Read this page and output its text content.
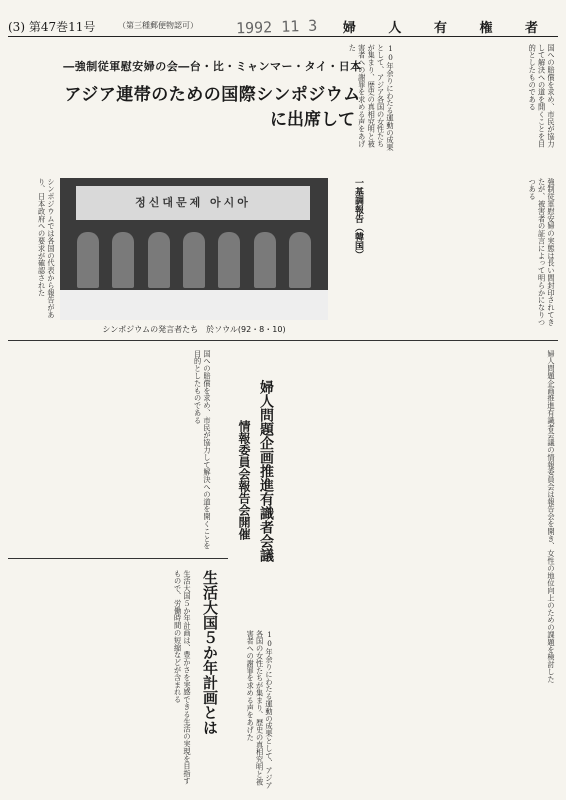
(3) 第47巻11号	（第三種郵便物認可）	1992 11 3 婦 人 有 権 者
国への賠償を求め、市民が協力して解決への道を開くことを目的としたものである
10年余りにわたる運動の成果として、アジア各国の女性たちが集まり、歴史の真相究明と被害者への謝罪を求める声をあげた
―強制従軍慰安婦の会―台・比・ミャンマー・タイ・日本
アジア連帯のための国際シンポジウム
に出席して
一基調報告（韓国）	強制従軍慰安婦の実態は長い間封印されてきたが、被害者の証言によって明らかになりつつある
シンポジウムでは各国の代表から報告があり、日本政府への要求が確認された	정신대문제 아시아
シンポジウムの発言者たち　於ソウル(92・8・10)
婦人問題企画推進有識者会議
情報委員会報告会開催	婦人問題企画推進有識者会議の情報委員会は報告会を開き、女性の地位向上のための課題を検討した
国への賠償を求め、市民が協力して解決への道を開くことを目的としたものである
生活大国５か年計画とは
生活大国５か年計画は、豊かさを実感できる生活の実現を目指すもので、労働時間の短縮などが含まれる	10年余りにわたる運動の成果として、アジア各国の女性たちが集まり、歴史の真相究明と被害者への謝罪を求める声をあげた
